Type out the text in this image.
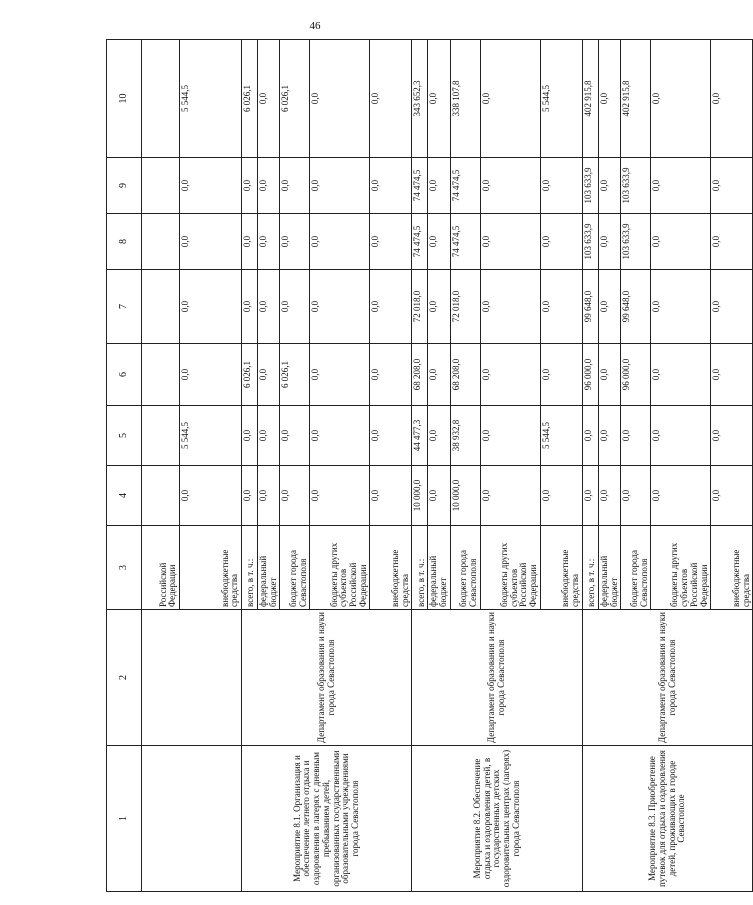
46
1	2	3	4	5	6	7	8	9	10
		Российской Федерации							
		внебюджетные средства	0,0	5 544,5	0,0	0,0	0,0	0,0	5 544,5
Мероприятие 8.1. Организация и обеспечение летнего отдыха и оздоровления в лагерях с дневным пребыванием детей, организованных государственными образовательными учреждениями города Севастополя	Департамент образования и науки города Севастополя	всего, в т. ч.:	0,0	0,0	6 026,1	0,0	0,0	0,0	6 026,1
		федеральный бюджет	0,0	0,0	0,0	0,0	0,0	0,0	0,0
		бюджет города Севастополя	0,0	0,0	6 026,1	0,0	0,0	0,0	6 026,1
		бюджеты других субъектов Российской Федерации	0,0	0,0	0,0	0,0	0,0	0,0	0,0
		внебюджетные средства	0,0	0,0	0,0	0,0	0,0	0,0	0,0
Мероприятие 8.2. Обеспечение отдыха и оздоровления детей, в государственных детских оздоровительных центрах (лагерях) города Севастополя	Департамент образования и науки города Севастополя	всего, в т. ч.:	10 000,0	44 477,3	68 208,0	72 018,0	74 474,5	74 474,5	343 652,3
		федеральный бюджет	0,0	0,0	0,0	0,0	0,0	0,0	0,0
		бюджет города Севастополя	10 000,0	38 932,8	68 208,0	72 018,0	74 474,5	74 474,5	338 107,8
		бюджеты других субъектов Российской Федерации	0,0	0,0	0,0	0,0	0,0	0,0	0,0
		внебюджетные средства	0,0	5 544,5	0,0	0,0	0,0	0,0	5 544,5
Мероприятие 8.3. Приобретение путевок для отдыха и оздоровления детей, проживающих в городе Севастополе	Департамент образования и науки города Севастополя	всего, в т. ч.:	0,0	0,0	96 000,0	99 648,0	103 633,9	103 633,9	402 915,8
		федеральный бюджет	0,0	0,0	0,0	0,0	0,0	0,0	0,0
		бюджет города Севастополя	0,0	0,0	96 000,0	99 648,0	103 633,9	103 633,9	402 915,8
		бюджеты других субъектов Российской Федерации	0,0	0,0	0,0	0,0	0,0	0,0	0,0
		внебюджетные средства	0,0	0,0	0,0	0,0	0,0	0,0	0,0
